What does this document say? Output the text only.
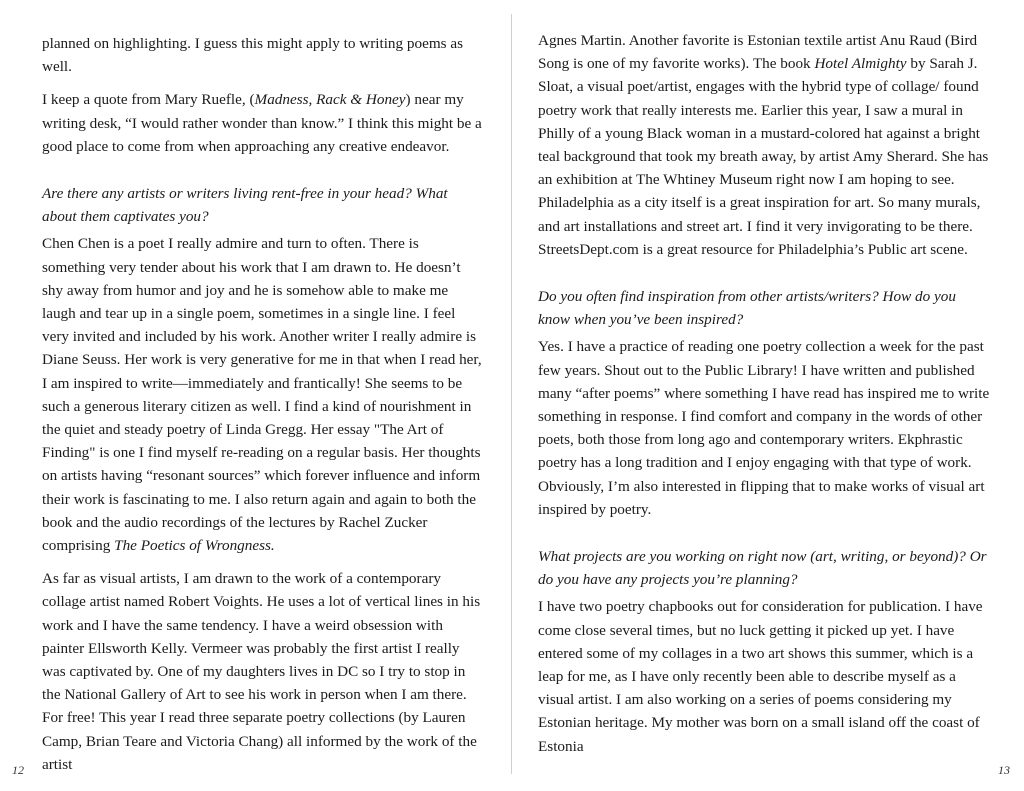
planned on highlighting. I guess this might apply to writing poems as well.

I keep a quote from Mary Ruefle, (Madness, Rack & Honey) near my writing desk, “I would rather wonder than know.” I think this might be a good place to come from when approaching any creative endeavor.

Are there any artists or writers living rent-free in your head? What about them captivates you?

Chen Chen is a poet I really admire and turn to often. There is something very tender about his work that I am drawn to. He doesn’t shy away from humor and joy and he is somehow able to make me laugh and tear up in a single poem, sometimes in a single line. I feel very invited and included by his work. Another writer I really admire is Diane Seuss. Her work is very generative for me in that when I read her, I am inspired to write—immediately and frantically! She seems to be such a generous literary citizen as well. I find a kind of nourishment in the quiet and steady poetry of Linda Gregg. Her essay "The Art of Finding" is one I find myself re-reading on a regular basis. Her thoughts on artists having “resonant sources” which forever influence and inform their work is fascinating to me. I also return again and again to both the book and the audio recordings of the lectures by Rachel Zucker comprising The Poetics of Wrongness.

As far as visual artists, I am drawn to the work of a contemporary collage artist named Robert Voights. He uses a lot of vertical lines in his work and I have the same tendency. I have a weird obsession with painter Ellsworth Kelly. Vermeer was probably the first artist I really was captivated by. One of my daughters lives in DC so I try to stop in the National Gallery of Art to see his work in person when I am there. For free! This year I read three separate poetry collections (by Lauren Camp, Brian Teare and Victoria Chang) all informed by the work of the artist

12

Agnes Martin. Another favorite is Estonian textile artist Anu Raud (Bird Song is one of my favorite works). The book Hotel Almighty by Sarah J. Sloat, a visual poet/artist, engages with the hybrid type of collage/ found poetry work that really interests me. Earlier this year, I saw a mural in Philly of a young Black woman in a mustard-colored hat against a bright teal background that took my breath away, by artist Amy Sherard. She has an exhibition at The Whtiney Museum right now I am hoping to see. Philadelphia as a city itself is a great inspiration for art. So many murals, and art installations and street art. I find it very invigorating to be there. StreetsDept.com is a great resource for Philadelphia’s Public art scene.

Do you often find inspiration from other artists/writers? How do you know when you’ve been inspired?

Yes. I have a practice of reading one poetry collection a week for the past few years. Shout out to the Public Library! I have written and published many “after poems” where something I have read has inspired me to write something in response. I find comfort and company in the words of other poets, both those from long ago and contemporary writers. Ekphrastic poetry has a long tradition and I enjoy engaging with that type of work. Obviously, I’m also interested in flipping that to make works of visual art inspired by poetry.

What projects are you working on right now (art, writing, or beyond)? Or do you have any projects you’re planning?

I have two poetry chapbooks out for consideration for publication. I have come close several times, but no luck getting it picked up yet. I have entered some of my collages in a two art shows this summer, which is a leap for me, as I have only recently been able to describe myself as a visual artist. I am also working on a series of poems considering my Estonian heritage. My mother was born on a small island off the coast of Estonia

13
